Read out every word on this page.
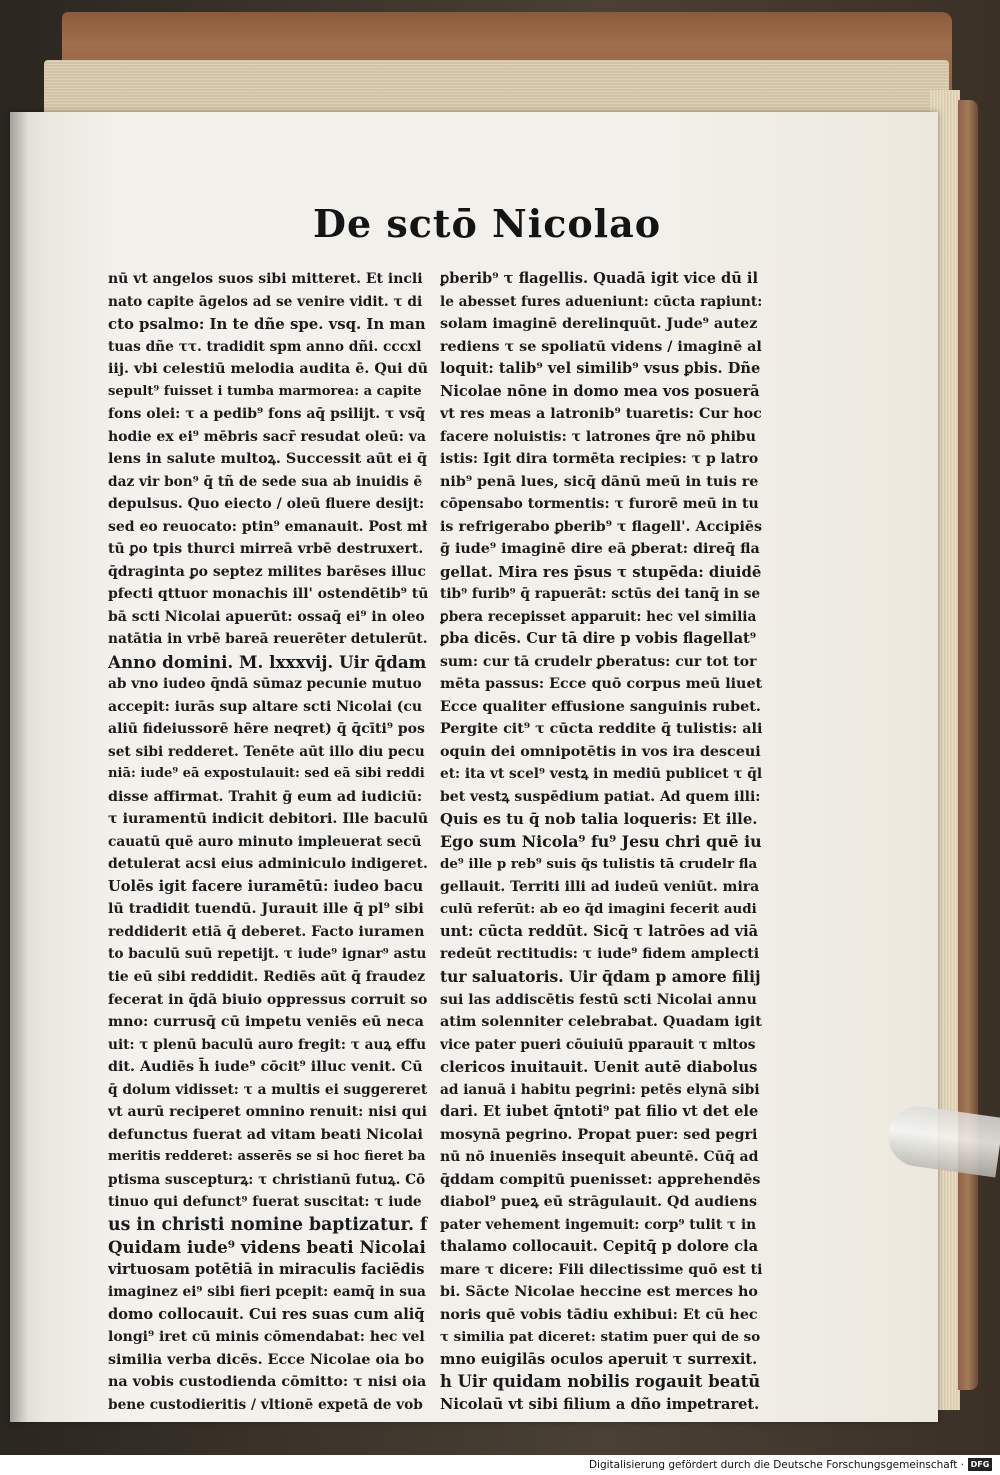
De sctō Nicolao
nū vt angelos suos sibi mitteret. Et incli
nato capite āgelos ad se venire vidit. τ di
cto psalmo: In te dñe spe. vsq. In man
tuas dñe ττ. tradidit spm anno dñi. cccxl
iij. vbi celestiū melodia audita ē. Qui dū
sepult⁹ fuisset i tumba marmorea: a capite
fons olei: τ a pedib⁹ fons aq̄ psilijt. τ vsq̄
hodie ex ei⁹ mēbris sacr̄ resudat oleū: va
lens in salute multoꝝ. Successit aūt ei q̄
daz vir bon⁹ q̄ tñ de sede sua ab inuidis ē
depulsus. Quo eiecto / oleū fluere desijt:
sed eo reuocato: ptin⁹ emanauit. Post mł
tū ꝑo tpis thurci mirreā vrbē destruxert.
q̄draginta ꝑo septez milites barēses illuc
pfecti qttuor monachis ill' ostendētib⁹ tū
bā scti Nicolai apuerūt: ossaq̄ ei⁹ in oleo
natātia in vrbē bareā reuerēter detulerūt.
Anno domini. M. lxxxvij. Uir q̄dam
ab vno iudeo q̄ndā sūmaz pecunie mutuo
accepit: iurās sup altare scti Nicolai (cu
aliū fideiussorē hēre neqret) q̄ q̄cīti⁹ pos
set sibi redderet. Tenēte aūt illo diu pecu
niā: iude⁹ eā expostulauit: sed eā sibi reddi
disse affirmat. Trahit ḡ eum ad iudiciū:
τ iuramentū indicit debitori. Ille baculū
cauatū quē auro minuto impleuerat secū
detulerat acsi eius adminiculo indigeret.
Uolēs igit facere iuramētū: iudeo bacu
lū tradidit tuendū. Jurauit ille q̄ pl⁹ sibi
reddiderit etiā q̄ deberet. Facto iuramen
to baculū suū repetijt. τ iude⁹ ignar⁹ astu
tie eū sibi reddidit. Rediēs aūt q̄ fraudez
fecerat in q̄dā biuio oppressus corruit so
mno: currusq̄ cū impetu veniēs eū neca
uit: τ plenū baculū auro fregit: τ auꝝ effu
dit. Audiēs h̄ iude⁹ cōcit⁹ illuc venit. Cū
q̄ dolum vidisset: τ a multis ei suggereret
vt aurū reciperet omnino renuit: nisi qui
defunctus fuerat ad vitam beati Nicolai
meritis redderet: asserēs se si hoc fieret ba
ptisma suscepturꝝ: τ christianū futuꝝ. Cō
tinuo qui defunct⁹ fuerat suscitat: τ iude
us in christi nomine baptizatur. f
Quidam iude⁹ videns beati Nicolai
virtuosam potētiā in miraculis faciēdis
imaginez ei⁹ sibi fieri pcepit: eamq̄ in sua
domo collocauit. Cui res suas cum aliq̄
longi⁹ iret cū minis cōmendabat: hec vel
similia verba dicēs. Ecce Nicolae oia bo
na vobis custodienda cōmitto: τ nisi oia
bene custodieritis / vltionē expetā de vob
ꝑberib⁹ τ flagellis. Quadā igit vice dū il
le abesset fures adueniunt: cūcta rapiunt:
solam imaginē derelinquūt. Jude⁹ autez
rediens τ se spoliatū videns / imaginē al
loquit: talib⁹ vel similib⁹ vsus ꝑbis. Dñe
Nicolae nōne in domo mea vos posuerā
vt res meas a latronib⁹ tuaretis: Cur hoc
facere noluistis: τ latrones q̄re nō phibu
istis: Igit dira tormēta recipies: τ p latro
nib⁹ penā lues, sicq̄ dānū meū in tuis re
cōpensabo tormentis: τ furorē meū in tu
is refrigerabo ꝑberib⁹ τ flagell'. Accipiēs
ḡ iude⁹ imaginē dire eā ꝑberat: direq̄ fla
gellat. Mira res p̄sus τ stupēda: diuidē
tib⁹ furib⁹ q̄ rapuerāt: sctūs dei tanq̄ in se
ꝑbera recepisset apparuit: hec vel similia
ꝑba dicēs. Cur tā dire p vobis flagellat⁹
sum: cur tā crudelr ꝑberatus: cur tot tor
mēta passus: Ecce quō corpus meū liuet
Ecce qualiter effusione sanguinis rubet.
Pergite cit⁹ τ cūcta reddite q̄ tulistis: ali
oquin dei omnipotētis in vos ira desceui
et: ita vt scel⁹ vestꝝ in mediū publicet τ q̄l
bet vestꝝ suspēdium patiat. Ad quem illi:
Quis es tu q̄ nob talia loqueris: Et ille.
Ego sum Nicola⁹ fu⁹ Jesu chri quē iu
de⁹ ille p reb⁹ suis q̄s tulistis tā crudelr fla
gellauit. Territi illi ad iudeū veniūt. mira
culū referūt: ab eo q̄d imagini fecerit audi
unt: cūcta reddūt. Sicq̄ τ latrōes ad viā
redeūt rectitudis: τ iude⁹ fidem amplecti
tur saluatoris. Uir q̄dam p amore filij
sui las addiscētis festū scti Nicolai annu
atim solenniter celebrabat. Quadam igit
vice pater pueri cōuiuiū pparauit τ mltos
clericos inuitauit. Uenit autē diabolus
ad ianuā i habitu pegrini: petēs elynā sibi
dari. Et iubet q̄ntoti⁹ pat filio vt det ele
mosynā pegrino. Propat puer: sed pegri
nū nō inueniēs insequit abeuntē. Cūq̄ ad
q̄ddam compitū puenisset: apprehendēs
diabol⁹ pueꝝ eū strāgulauit. Qd audiens
pater vehement ingemuit: corp⁹ tulit τ in
thalamo collocauit. Cepitq̄ p dolore cla
mare τ dicere: Fili dilectissime quō est ti
bi. Sācte Nicolae heccine est merces ho
noris quē vobis tādiu exhibui: Et cū hec
τ similia pat diceret: statim puer qui de so
mno euigilās oculos aperuit τ surrexit.
h Uir quidam nobilis rogauit beatū
Nicolaū vt sibi filium a dño impetraret.
Digitalisierung gefördert durch die Deutsche Forschungsgemeinschaft · DFG
